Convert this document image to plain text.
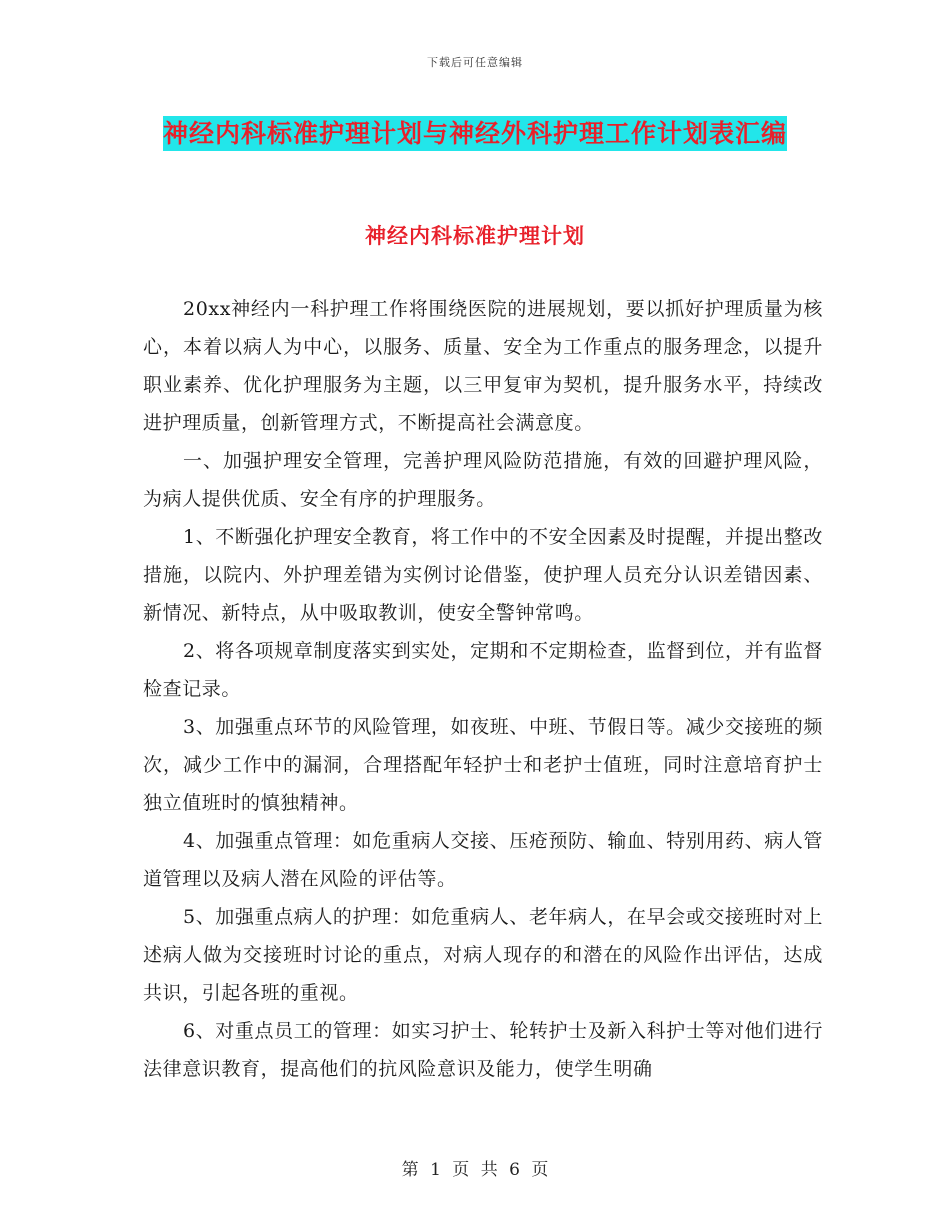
下载后可任意编辑
神经内科标准护理计划与神经外科护理工作计划表汇编
神经内科标准护理计划

20xx神经内一科护理工作将围绕医院的进展规划，要以抓好护理质量为核心，本着以病人为中心，以服务、质量、安全为工作重点的服务理念，以提升职业素养、优化护理服务为主题，以三甲复审为契机，提升服务水平，持续改进护理质量，创新管理方式，不断提高社会满意度。

一、加强护理安全管理，完善护理风险防范措施，有效的回避护理风险，为病人提供优质、安全有序的护理服务。

1、不断强化护理安全教育，将工作中的不安全因素及时提醒，并提出整改措施，以院内、外护理差错为实例讨论借鉴，使护理人员充分认识差错因素、新情况、新特点，从中吸取教训，使安全警钟常鸣。

2、将各项规章制度落实到实处，定期和不定期检查，监督到位，并有监督检查记录。

3、加强重点环节的风险管理，如夜班、中班、节假日等。减少交接班的频次，减少工作中的漏洞，合理搭配年轻护士和老护士值班，同时注意培育护士独立值班时的慎独精神。

4、加强重点管理：如危重病人交接、压疮预防、输血、特别用药、病人管道管理以及病人潜在风险的评估等。

5、加强重点病人的护理：如危重病人、老年病人，在早会或交接班时对上述病人做为交接班时讨论的重点，对病人现存的和潜在的风险作出评估，达成共识，引起各班的重视。

6、对重点员工的管理：如实习护士、轮转护士及新入科护士等对他们进行法律意识教育，提高他们的抗风险意识及能力，使学生明确

第 1 页 共 6 页
